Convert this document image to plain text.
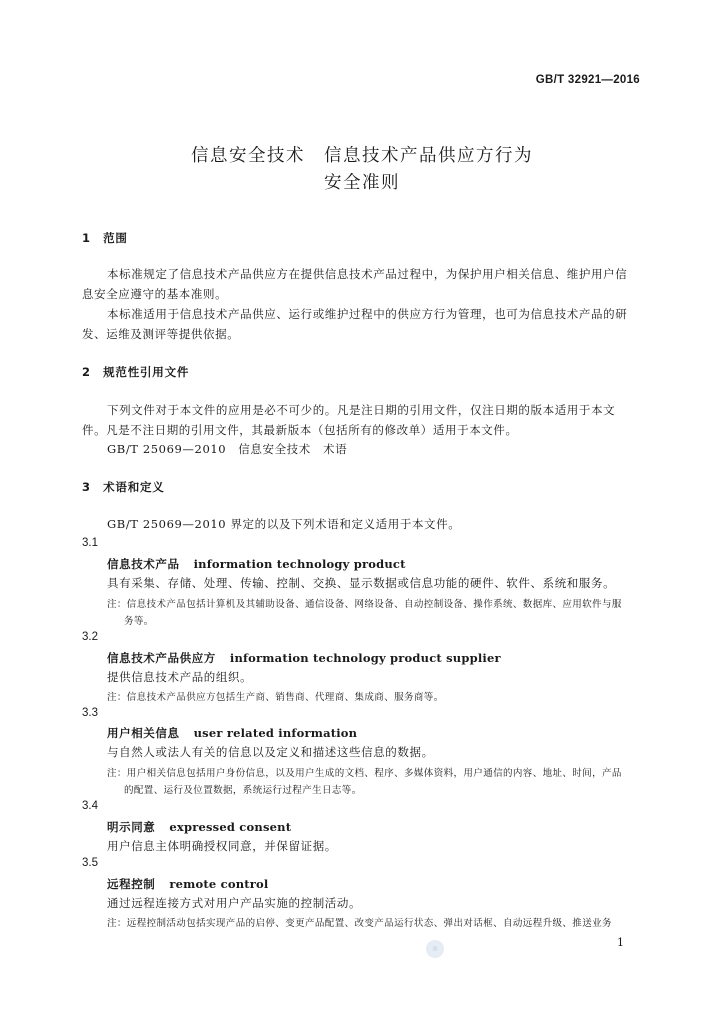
GB/T 32921—2016
信息安全技术　信息技术产品供应方行为
安全准则
1　范围
本标准规定了信息技术产品供应方在提供信息技术产品过程中，为保护用户相关信息、维护用户信
息安全应遵守的基本准则。
本标准适用于信息技术产品供应、运行或维护过程中的供应方行为管理，也可为信息技术产品的研
发、运维及测评等提供依据。
2　规范性引用文件
下列文件对于本文件的应用是必不可少的。凡是注日期的引用文件，仅注日期的版本适用于本文
件。凡是不注日期的引用文件，其最新版本（包括所有的修改单）适用于本文件。
GB/T 25069—2010　信息安全技术　术语
3　术语和定义
GB/T 25069—2010 界定的以及下列术语和定义适用于本文件。
3.1
信息技术产品 information technology product
具有采集、存储、处理、传输、控制、交换、显示数据或信息功能的硬件、软件、系统和服务。
注：信息技术产品包括计算机及其辅助设备、通信设备、网络设备、自动控制设备、操作系统、数据库、应用软件与服
务等。
3.2
信息技术产品供应方 information technology product supplier
提供信息技术产品的组织。
注：信息技术产品供应方包括生产商、销售商、代理商、集成商、服务商等。
3.3
用户相关信息 user related information
与自然人或法人有关的信息以及定义和描述这些信息的数据。
注：用户相关信息包括用户身份信息，以及用户生成的文档、程序、多媒体资料，用户通信的内容、地址、时间，产品
的配置、运行及位置数据，系统运行过程产生日志等。
3.4
明示同意 expressed consent
用户信息主体明确授权同意，并保留证据。
3.5
远程控制 remote control
通过远程连接方式对用户产品实施的控制活动。
注：远程控制活动包括实现产品的启停、变更产品配置、改变产品运行状态、弹出对话框、自动远程升级、推送业务
1
◎
